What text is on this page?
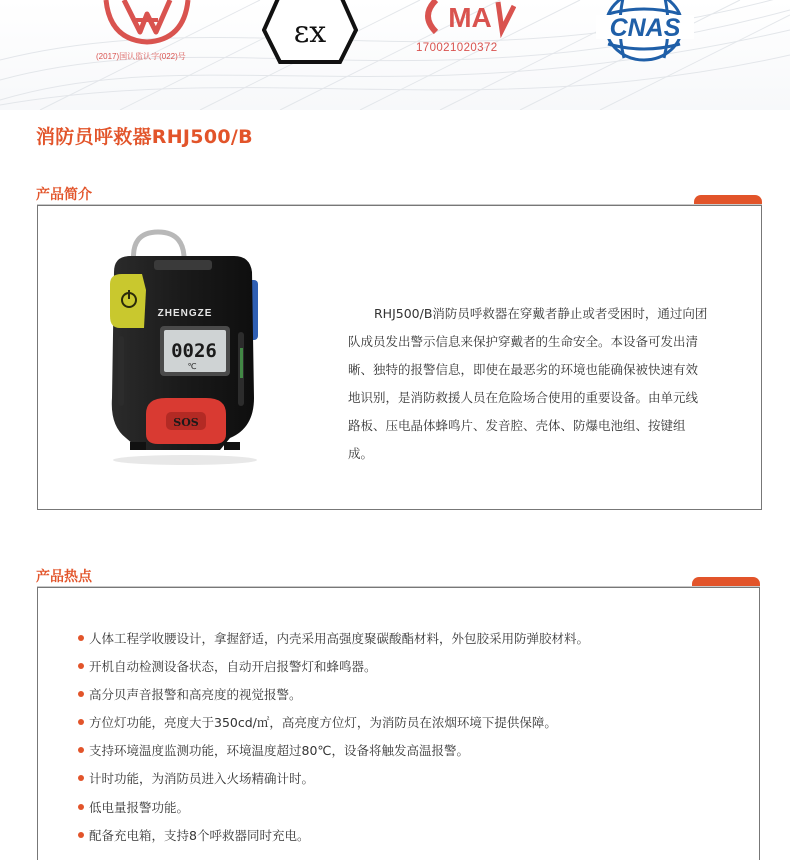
(2017)国认监认字(022)号
εx	MA
170021020372
CNAS
消防员呼救器RHJ500/B
产品简介
ZHENGZE
0026
℃
SOS
RHJ500/B消防员呼救器在穿戴者静止或者受困时，通过向团
队成员发出警示信息来保护穿戴者的生命安全。本设备可发出清
晰、独特的报警信息，即使在最恶劣的环境也能确保被快速有效
地识别，是消防救援人员在危险场合使用的重要设备。由单元线
路板、压电晶体蜂鸣片、发音腔、壳体、防爆电池组、按键组
成。
产品热点
人体工程学收腰设计，拿握舒适，内壳采用高强度聚碳酸酯材料，外包胶采用防弹胶材料。
开机自动检测设备状态，自动开启报警灯和蜂鸣器。
高分贝声音报警和高亮度的视觉报警。
方位灯功能，亮度大于350cd/㎡，高亮度方位灯，为消防员在浓烟环境下提供保障。
支持环境温度监测功能，环境温度超过80℃，设备将触发高温报警。
计时功能，为消防员进入火场精确计时。
低电量报警功能。
配备充电箱，支持8个呼救器同时充电。
